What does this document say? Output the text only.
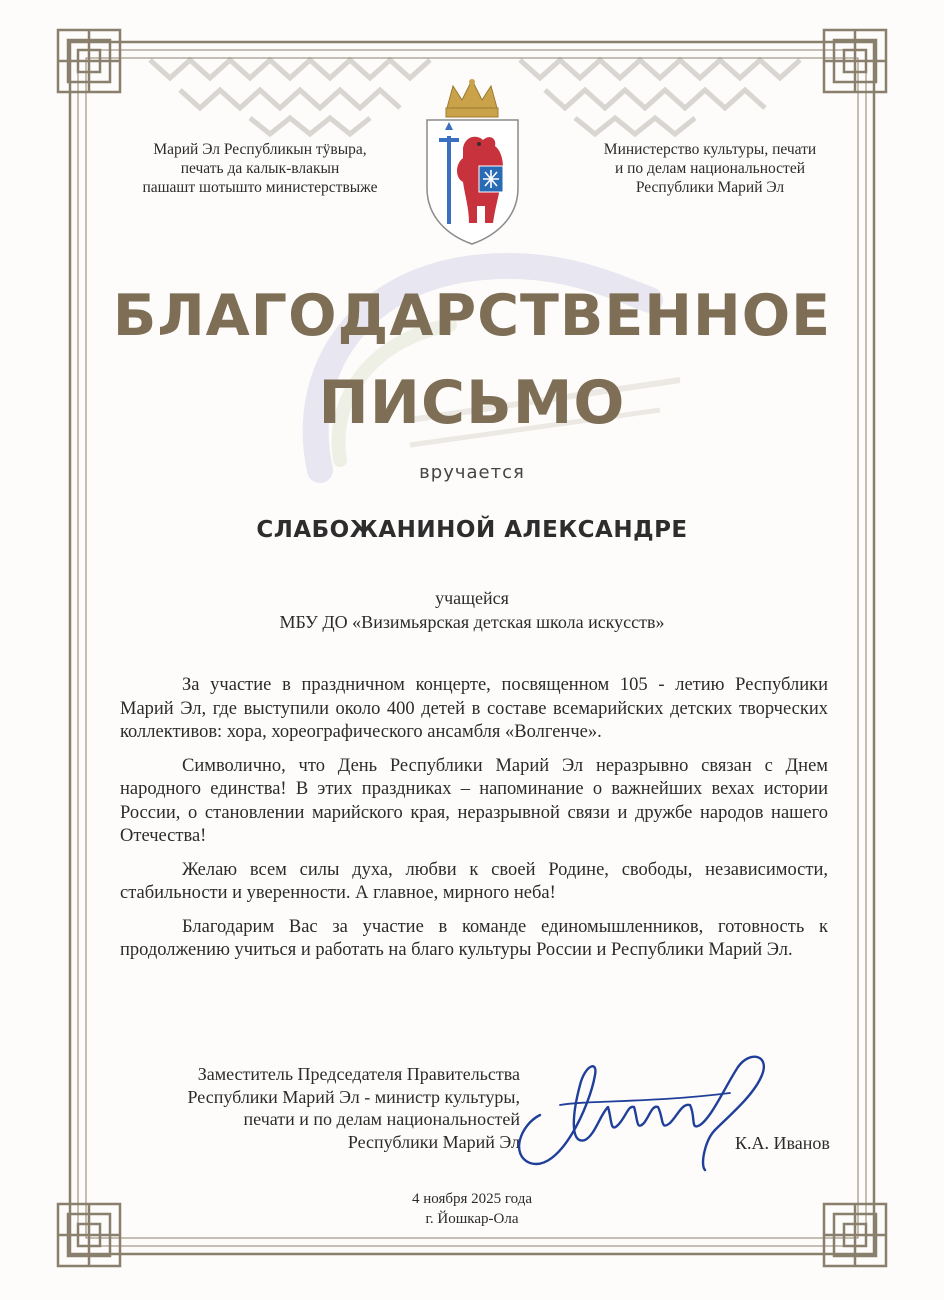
Марий Эл Республикын тӱвыра,
печать да калык-влакын
пашашт шотышто министерствыже
Министерство культуры, печати
и по делам национальностей
Республики Марий Эл
БЛАГОДАРСТВЕННОЕ
ПИСЬМО
вручается
СЛАБОЖАНИНОЙ АЛЕКСАНДРЕ
учащейся
МБУ ДО «Визимьярская детская школа искусств»

За участие в праздничном концерте, посвященном 105 - летию Республики Марий Эл, где выступили около 400 детей в составе всемарийских детских творческих коллективов: хора, хореографического ансамбля «Волгенче».

Символично, что День Республики Марий Эл неразрывно связан с Днем народного единства! В этих праздниках – напоминание о важнейших вехах истории России, о становлении марийского края, неразрывной связи и дружбе народов нашего Отечества!

Желаю всем силы духа, любви к своей Родине, свободы, независимости, стабильности и уверенности. А главное, мирного неба!

Благодарим Вас за участие в команде единомышленников, готовность к продолжению учиться и работать на благо культуры России и Республики Марий Эл.

Заместитель Председателя Правительства
Республики Марий Эл - министр культуры,
печати и по делам национальностей
Республики Марий Эл	К.А. Иванов
4 ноября 2025 года
г. Йошкар-Ола
